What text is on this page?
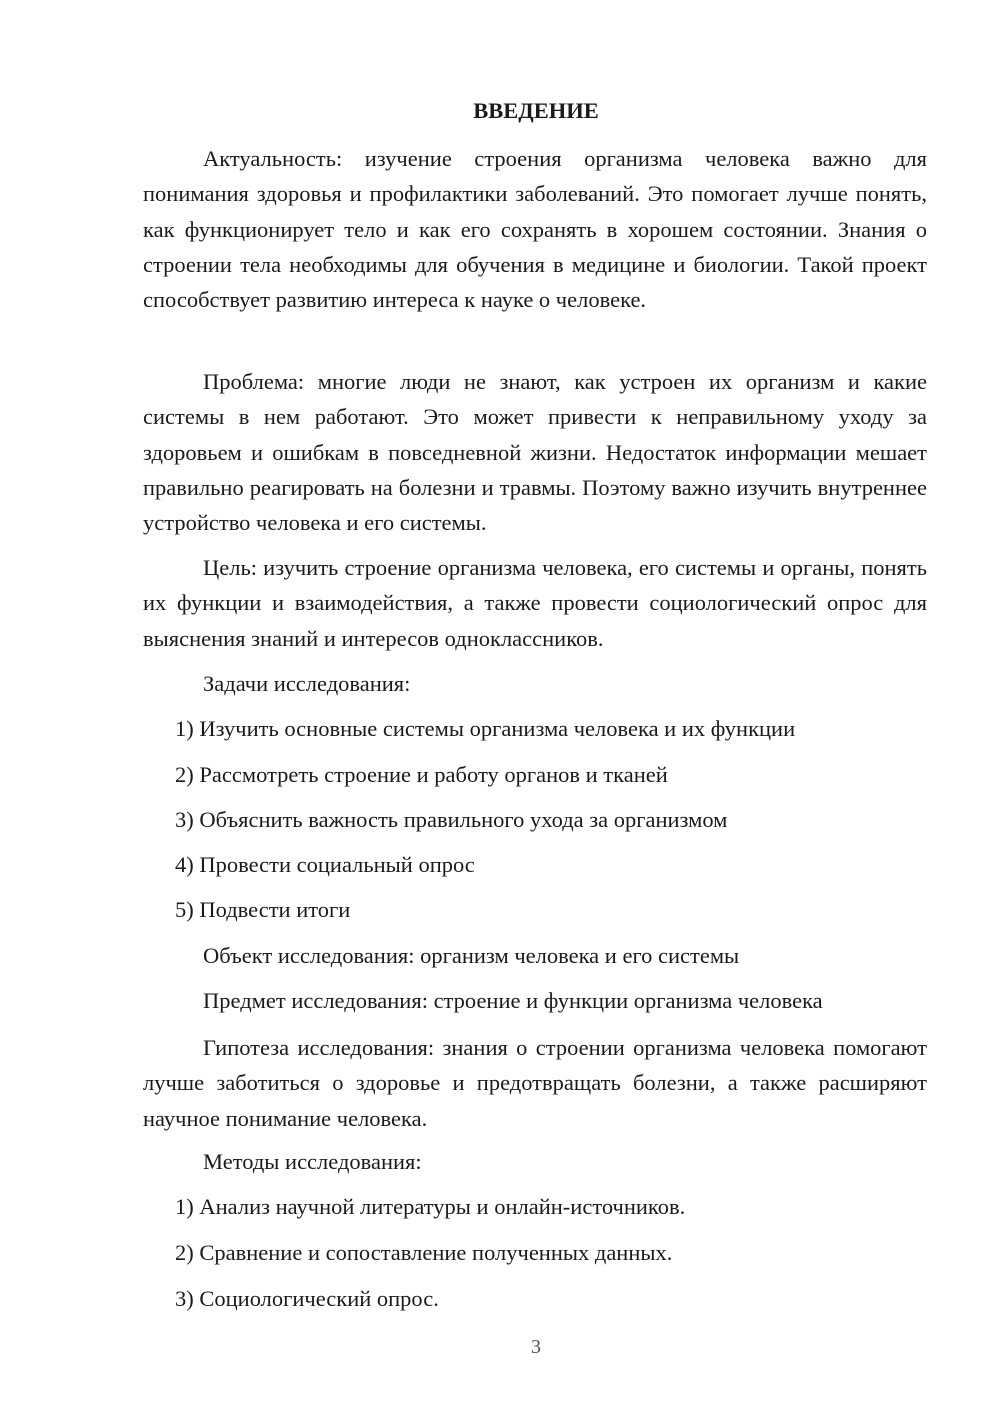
ВВЕДЕНИЕ

Актуальность: изучение строения организма человека важно для понимания здоровья и профилактики заболеваний. Это помогает лучше понять, как функционирует тело и как его сохранять в хорошем состоянии. Знания о строении тела необходимы для обучения в медицине и биологии. Такой проект способствует развитию интереса к науке о человеке.

Проблема: многие люди не знают, как устроен их организм и какие системы в нем работают. Это может привести к неправильному уходу за здоровьем и ошибкам в повседневной жизни. Недостаток информации мешает правильно реагировать на болезни и травмы. Поэтому важно изучить внутреннее устройство человека и его системы.

Цель: изучить строение организма человека, его системы и органы, понять их функции и взаимодействия, а также провести социологический опрос для выяснения знаний и интересов одноклассников.

Задачи исследования:

1) Изучить основные системы организма человека и их функции

2) Рассмотреть строение и работу органов и тканей

3) Объяснить важность правильного ухода за организмом

4) Провести социальный опрос

5) Подвести итоги

Объект исследования: организм человека и его системы

Предмет исследования: строение и функции организма человека

Гипотеза исследования: знания о строении организма человека помогают лучше заботиться о здоровье и предотвращать болезни, а также расширяют научное понимание человека.

Методы исследования:

1) Анализ научной литературы и онлайн-источников.

2) Сравнение и сопоставление полученных данных.

3) Социологический опрос.

3
